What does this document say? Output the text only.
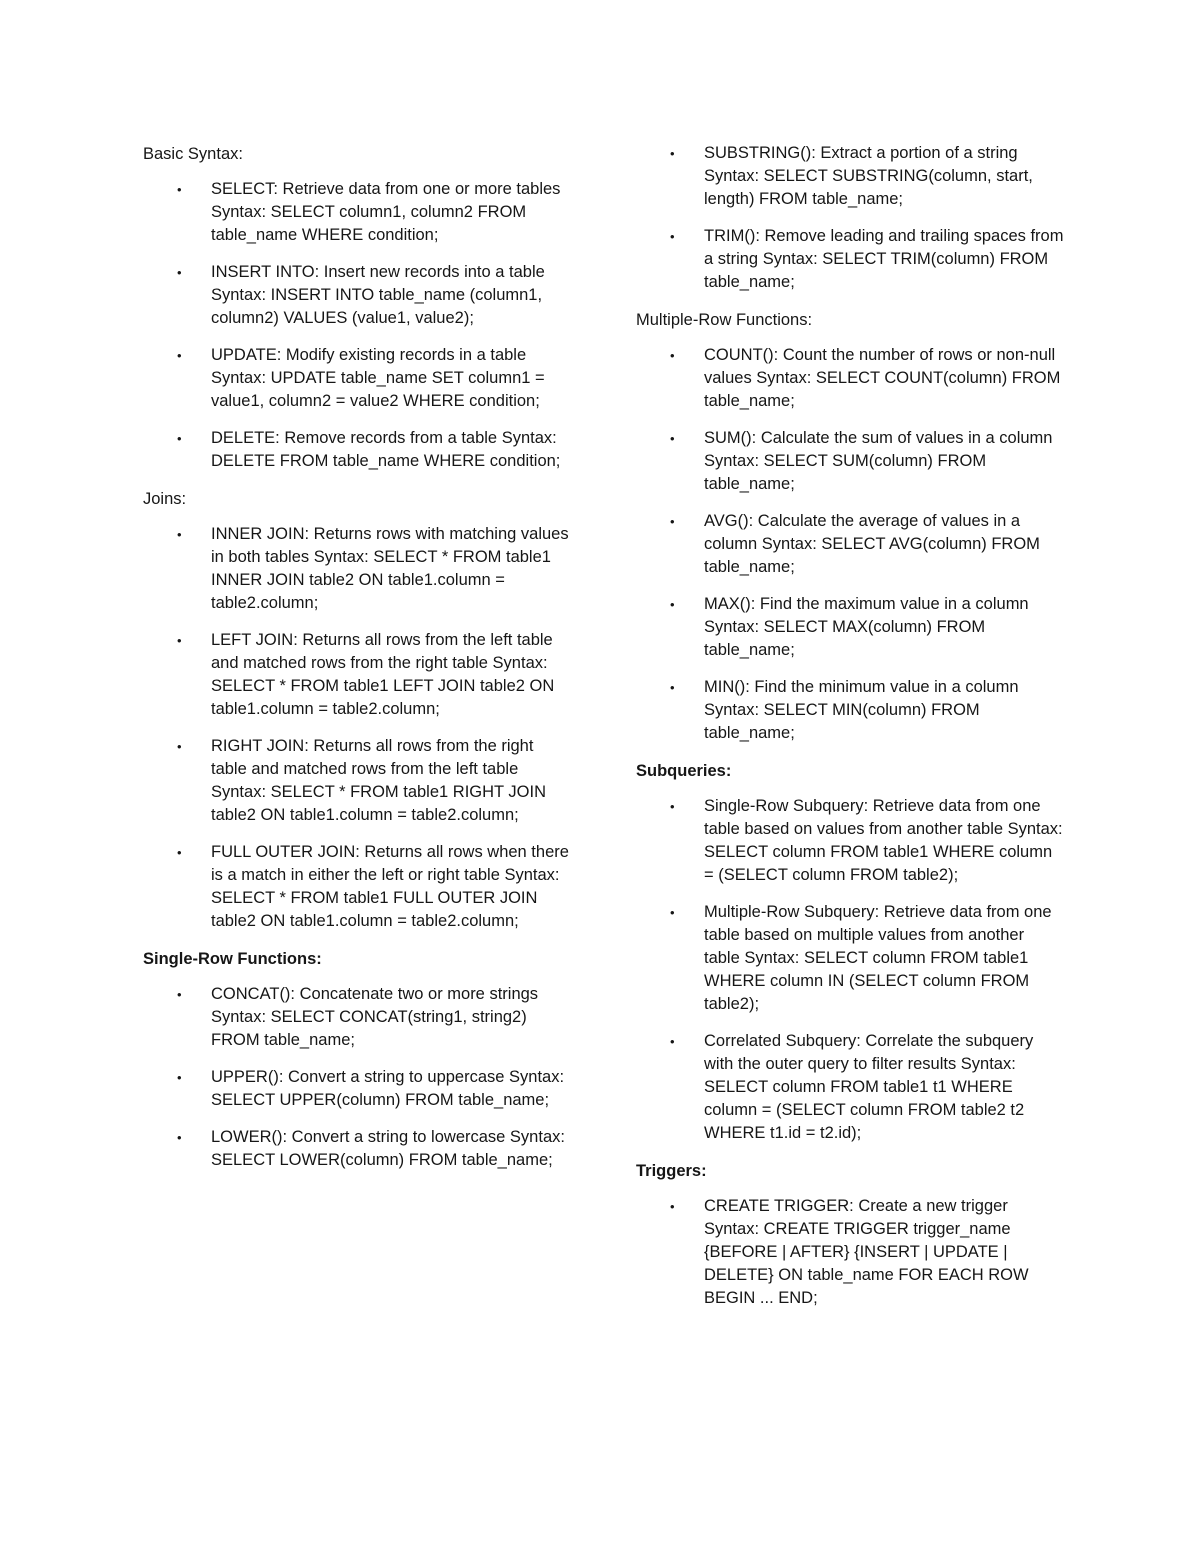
Basic Syntax:
• SELECT: Retrieve data from one or more tables Syntax: SELECT column1, column2 FROM table_name WHERE condition;
• INSERT INTO: Insert new records into a table Syntax: INSERT INTO table_name (column1, column2) VALUES (value1, value2);
• UPDATE: Modify existing records in a table Syntax: UPDATE table_name SET column1 = value1, column2 = value2 WHERE condition;
• DELETE: Remove records from a table Syntax: DELETE FROM table_name WHERE condition;
Joins:
• INNER JOIN: Returns rows with matching values in both tables Syntax: SELECT * FROM table1 INNER JOIN table2 ON table1.column = table2.column;
• LEFT JOIN: Returns all rows from the left table and matched rows from the right table Syntax: SELECT * FROM table1 LEFT JOIN table2 ON table1.column = table2.column;
• RIGHT JOIN: Returns all rows from the right table and matched rows from the left table Syntax: SELECT * FROM table1 RIGHT JOIN table2 ON table1.column = table2.column;
• FULL OUTER JOIN: Returns all rows when there is a match in either the left or right table Syntax: SELECT * FROM table1 FULL OUTER JOIN table2 ON table1.column = table2.column;
Single-Row Functions:
• CONCAT(): Concatenate two or more strings Syntax: SELECT CONCAT(string1, string2) FROM table_name;
• UPPER(): Convert a string to uppercase Syntax: SELECT UPPER(column) FROM table_name;
• LOWER(): Convert a string to lowercase Syntax: SELECT LOWER(column) FROM table_name;
• SUBSTRING(): Extract a portion of a string Syntax: SELECT SUBSTRING(column, start, length) FROM table_name;
• TRIM(): Remove leading and trailing spaces from a string Syntax: SELECT TRIM(column) FROM table_name;
Multiple-Row Functions:
• COUNT(): Count the number of rows or non-null values Syntax: SELECT COUNT(column) FROM table_name;
• SUM(): Calculate the sum of values in a column Syntax: SELECT SUM(column) FROM table_name;
• AVG(): Calculate the average of values in a column Syntax: SELECT AVG(column) FROM table_name;
• MAX(): Find the maximum value in a column Syntax: SELECT MAX(column) FROM table_name;
• MIN(): Find the minimum value in a column Syntax: SELECT MIN(column) FROM table_name;
Subqueries:
• Single-Row Subquery: Retrieve data from one table based on values from another table Syntax: SELECT column FROM table1 WHERE column = (SELECT column FROM table2);
• Multiple-Row Subquery: Retrieve data from one table based on multiple values from another table Syntax: SELECT column FROM table1 WHERE column IN (SELECT column FROM table2);
• Correlated Subquery: Correlate the subquery with the outer query to filter results Syntax: SELECT column FROM table1 t1 WHERE column = (SELECT column FROM table2 t2 WHERE t1.id = t2.id);
Triggers:
• CREATE TRIGGER: Create a new trigger Syntax: CREATE TRIGGER trigger_name {BEFORE | AFTER} {INSERT | UPDATE | DELETE} ON table_name FOR EACH ROW BEGIN ... END;
